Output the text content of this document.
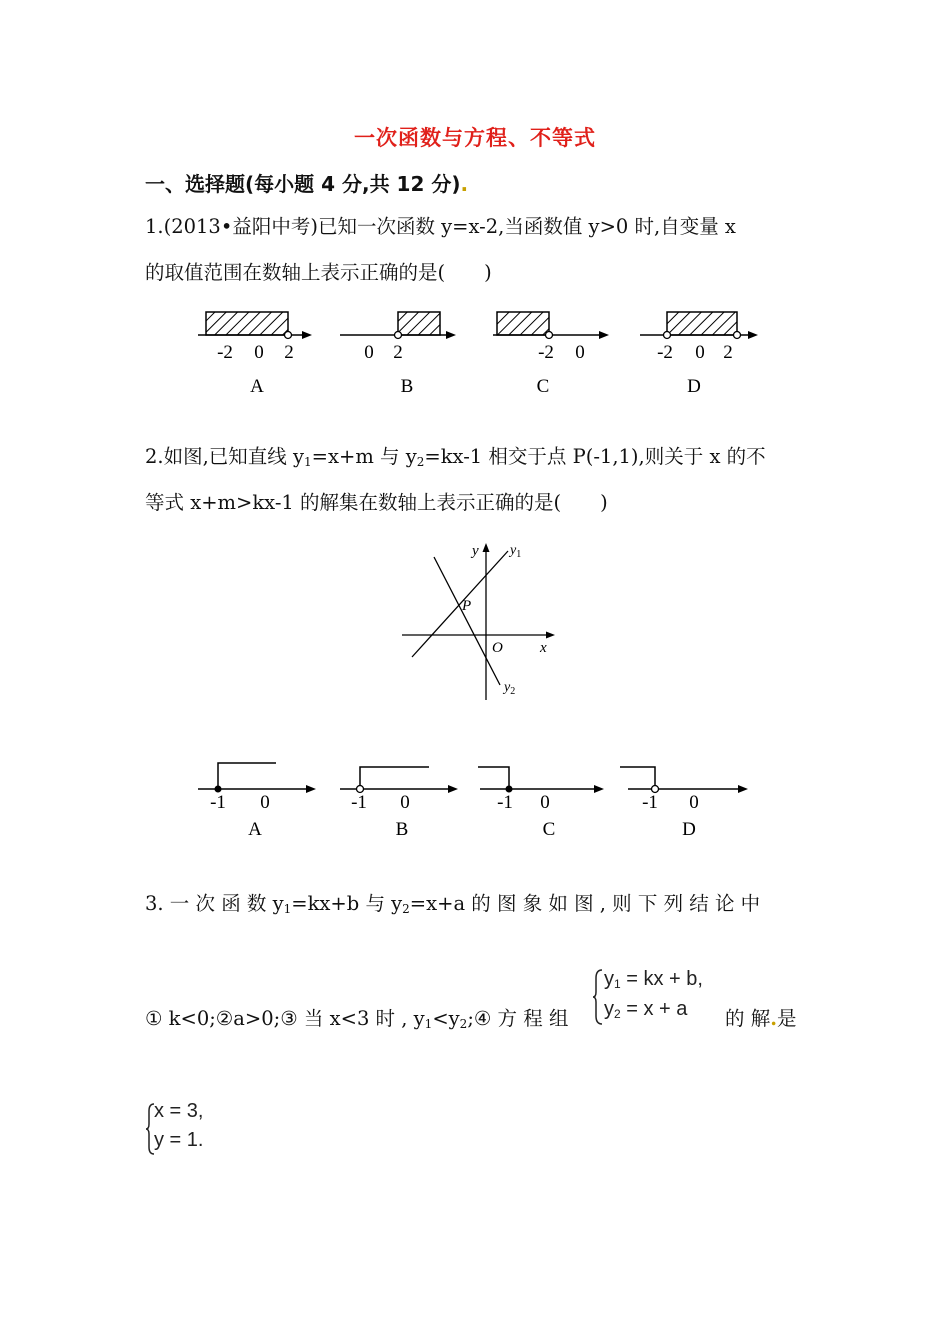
一次函数与方程、不等式
一、选择题(每小题 4 分,共 12 分).
1.(2013•益阳中考)已知一次函数 y=x-2,当函数值 y>0 时,自变量 x
的取值范围在数轴上表示正确的是(　　)
-2 0 2
A
0 2
B
-2 0
C
-2 0 2
D
2.如图,已知直线 $y_1=x+m$ 与 $y_2=kx-1$ 相交于点 P(-1,1),则关于 x 的不
等式 x+m>kx-1 的解集在数轴上表示正确的是(　　)
y
x
O
P
$y_1$
$y_2$
-1 0
A
-1 0
B
-1 0
C
-1 0
D
3. 一 次 函 数 $y_1=kx+b$ 与 $y_2=x+a$ 的 图 象 如 图 , 则 下 列 结 论 中
$y_1$ = kx + b,
$y_2 = x + a$
① k<0;②a>0;③ 当 x<3 时 , $y_1<y_2;④$ 方 程 组	的 解.是
x = 3,
y = 1.
